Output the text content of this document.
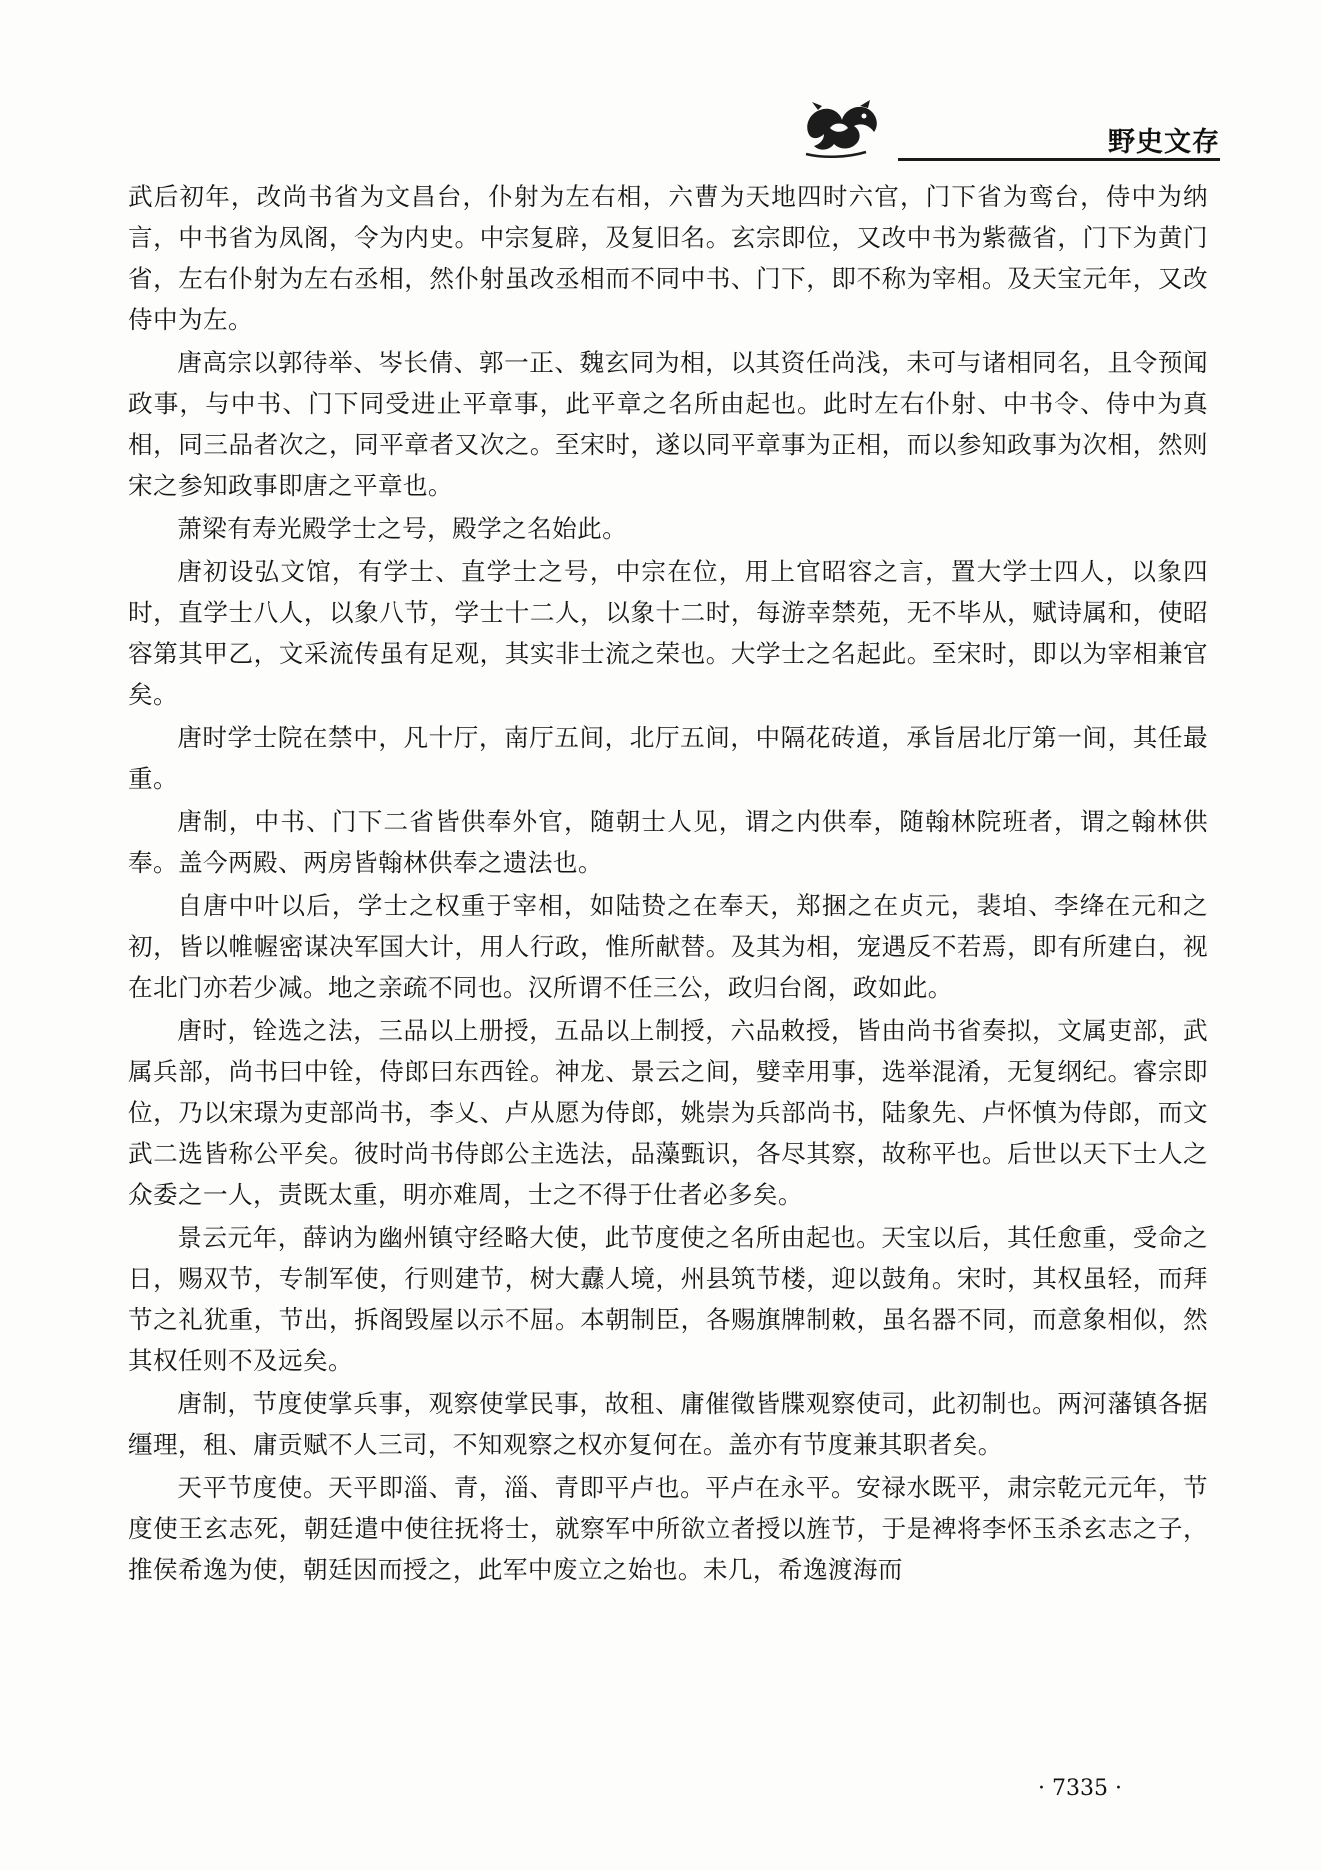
野史文存

武后初年，改尚书省为文昌台，仆射为左右相，六曹为天地四时六官，门下省为鸾台，侍中为纳言，中书省为凤阁，令为内史。中宗复辟，及复旧名。玄宗即位，又改中书为紫薇省，门下为黄门省，左右仆射为左右丞相，然仆射虽改丞相而不同中书、门下，即不称为宰相。及天宝元年，又改侍中为左。

唐高宗以郭待举、岑长倩、郭一正、魏玄同为相，以其资任尚浅，未可与诸相同名，且令预闻政事，与中书、门下同受进止平章事，此平章之名所由起也。此时左右仆射、中书令、侍中为真相，同三品者次之，同平章者又次之。至宋时，遂以同平章事为正相，而以参知政事为次相，然则宋之参知政事即唐之平章也。

萧梁有寿光殿学士之号，殿学之名始此。

唐初设弘文馆，有学士、直学士之号，中宗在位，用上官昭容之言，置大学士四人，以象四时，直学士八人，以象八节，学士十二人，以象十二时，每游幸禁苑，无不毕从，赋诗属和，使昭容第其甲乙，文采流传虽有足观，其实非士流之荣也。大学士之名起此。至宋时，即以为宰相兼官矣。

唐时学士院在禁中，凡十厅，南厅五间，北厅五间，中隔花砖道，承旨居北厅第一间，其任最重。

唐制，中书、门下二省皆供奉外官，随朝士人见，谓之内供奉，随翰林院班者，谓之翰林供奉。盖今两殿、两房皆翰林供奉之遗法也。

自唐中叶以后，学士之权重于宰相，如陆贽之在奉天，郑捆之在贞元，裴垍、李绛在元和之初，皆以帷幄密谋决军国大计，用人行政，惟所献替。及其为相，宠遇反不若焉，即有所建白，视在北门亦若少减。地之亲疏不同也。汉所谓不任三公，政归台阁，政如此。

唐时，铨选之法，三品以上册授，五品以上制授，六品敕授，皆由尚书省奏拟，文属吏部，武属兵部，尚书曰中铨，侍郎曰东西铨。神龙、景云之间，嬖幸用事，选举混淆，无复纲纪。睿宗即位，乃以宋璟为吏部尚书，李乂、卢从愿为侍郎，姚崇为兵部尚书，陆象先、卢怀慎为侍郎，而文武二选皆称公平矣。彼时尚书侍郎公主选法，品藻甄识，各尽其察，故称平也。后世以天下士人之众委之一人，责既太重，明亦难周，士之不得于仕者必多矣。

景云元年，薛讷为幽州镇守经略大使，此节度使之名所由起也。天宝以后，其任愈重，受命之日，赐双节，专制军使，行则建节，树大纛人境，州县筑节楼，迎以鼓角。宋时，其权虽轻，而拜节之礼犹重，节出，拆阁毁屋以示不屈。本朝制臣，各赐旗牌制敕，虽名器不同，而意象相似，然其权任则不及远矣。

唐制，节度使掌兵事，观察使掌民事，故租、庸催徵皆牒观察使司，此初制也。两河藩镇各据缰理，租、庸贡赋不人三司，不知观察之权亦复何在。盖亦有节度兼其职者矣。

天平节度使。天平即淄、青，淄、青即平卢也。平卢在永平。安禄水既平，肃宗乾元元年，节度使王玄志死，朝廷遣中使往抚将士，就察军中所欲立者授以旌节，于是裨将李怀玉杀玄志之子，推侯希逸为使，朝廷因而授之，此军中废立之始也。未几，希逸渡海而

· 7335 ·
